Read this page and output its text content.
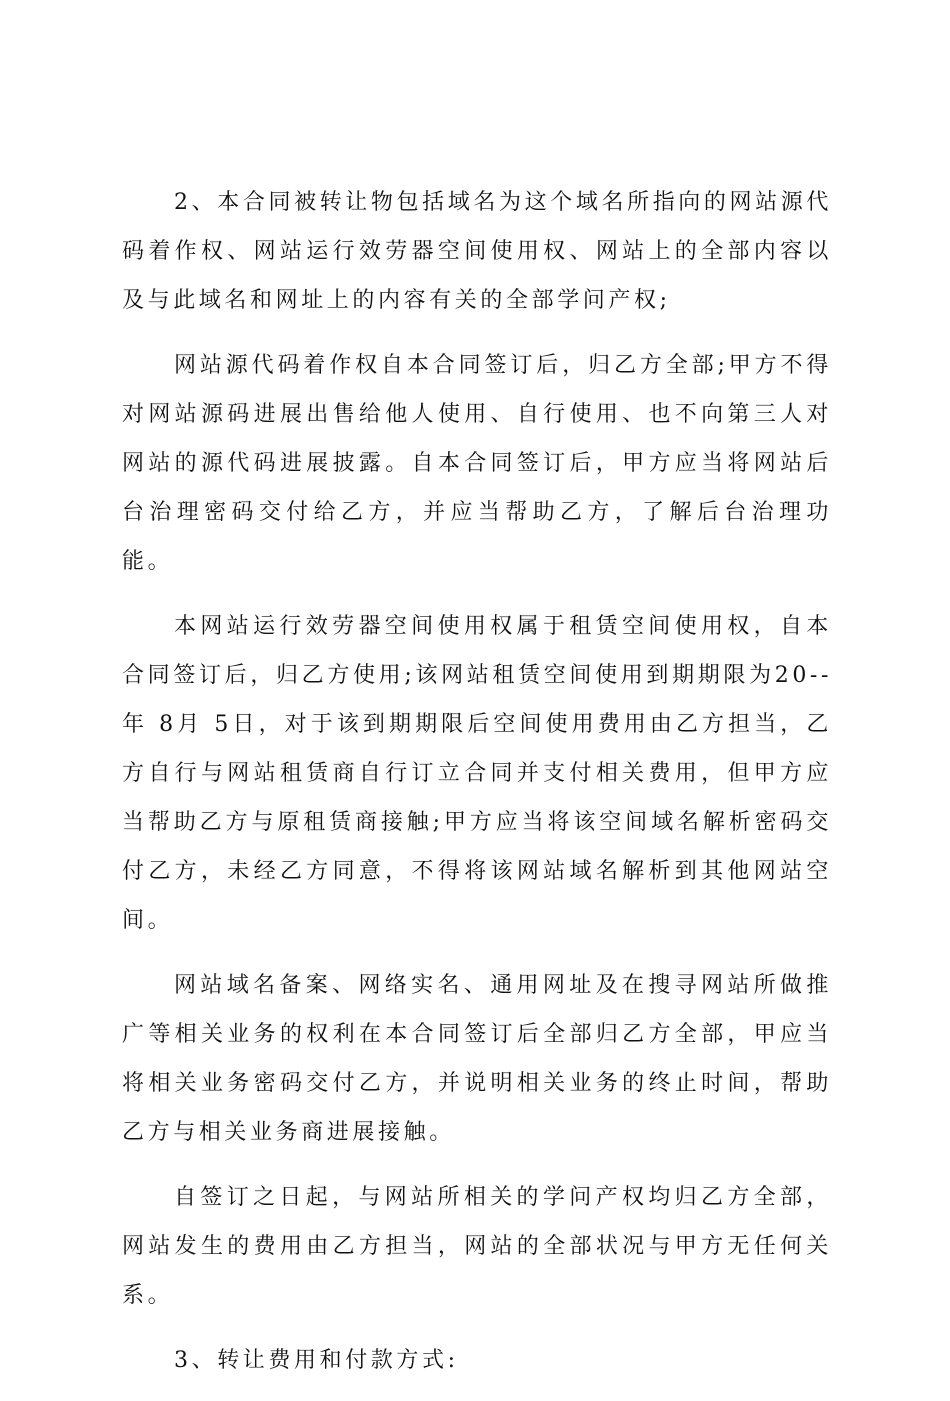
2、本合同被转让物包括域名为这个域名所指向的网站源代码着作权、网站运行效劳器空间使用权、网站上的全部内容以及与此域名和网址上的内容有关的全部学问产权;

网站源代码着作权自本合同签订后，归乙方全部;甲方不得对网站源码进展出售给他人使用、自行使用、也不向第三人对网站的源代码进展披露。自本合同签订后，甲方应当将网站后台治理密码交付给乙方，并应当帮助乙方，了解后台治理功能。

本网站运行效劳器空间使用权属于租赁空间使用权，自本合同签订后，归乙方使用;该网站租赁空间使用到期期限为20--年 8月 5日，对于该到期期限后空间使用费用由乙方担当，乙方自行与网站租赁商自行订立合同并支付相关费用，但甲方应当帮助乙方与原租赁商接触;甲方应当将该空间域名解析密码交付乙方，未经乙方同意，不得将该网站域名解析到其他网站空间。

网站域名备案、网络实名、通用网址及在搜寻网站所做推广等相关业务的权利在本合同签订后全部归乙方全部，甲应当将相关业务密码交付乙方，并说明相关业务的终止时间，帮助乙方与相关业务商进展接触。

自签订之日起，与网站所相关的学问产权均归乙方全部，网站发生的费用由乙方担当，网站的全部状况与甲方无任何关系。

3、转让费用和付款方式:
